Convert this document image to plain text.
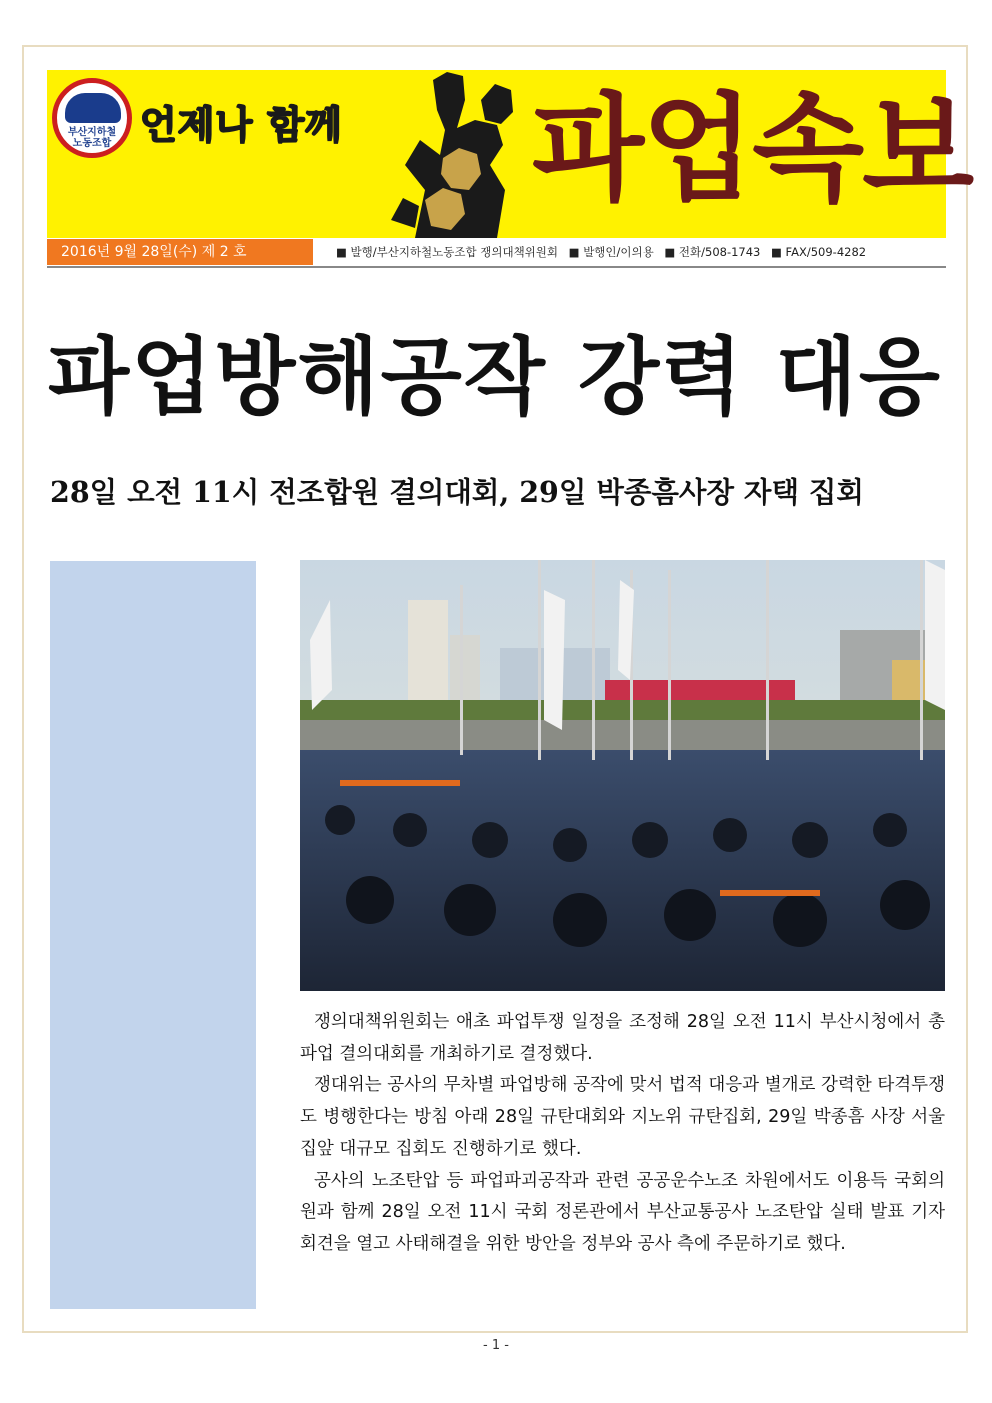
부산지하철
노동조합 언제나 함께	파업속보
2016년 9월 28일(수) 제 2 호	■ 발행/부산지하철노동조합 쟁의대책위원회 ■ 발행인/이의용 ■ 전화/508-1743 ■ FAX/509-4282
파업방해공작 강력 대응
28일 오전 11시 전조합원 결의대회, 29일 박종흠사장 자택 집회

쟁의대책위원회는 애초 파업투쟁 일정을 조정해 28일 오전 11시 부산시청에서 총파업 결의대회를 개최하기로 결정했다.

쟁대위는 공사의 무차별 파업방해 공작에 맞서 법적 대응과 별개로 강력한 타격투쟁도 병행한다는 방침 아래 28일 규탄대회와 지노위 규탄집회, 29일 박종흠 사장 서울집앞 대규모 집회도 진행하기로 했다.

공사의 노조탄압 등 파업파괴공작과 관련 공공운수노조 차원에서도 이용득 국회의원과 함께 28일 오전 11시 국회 정론관에서 부산교통공사 노조탄압 실태 발표 기자회견을 열고 사태해결을 위한 방안을 정부와 공사 측에 주문하기로 했다.

- 1 -
